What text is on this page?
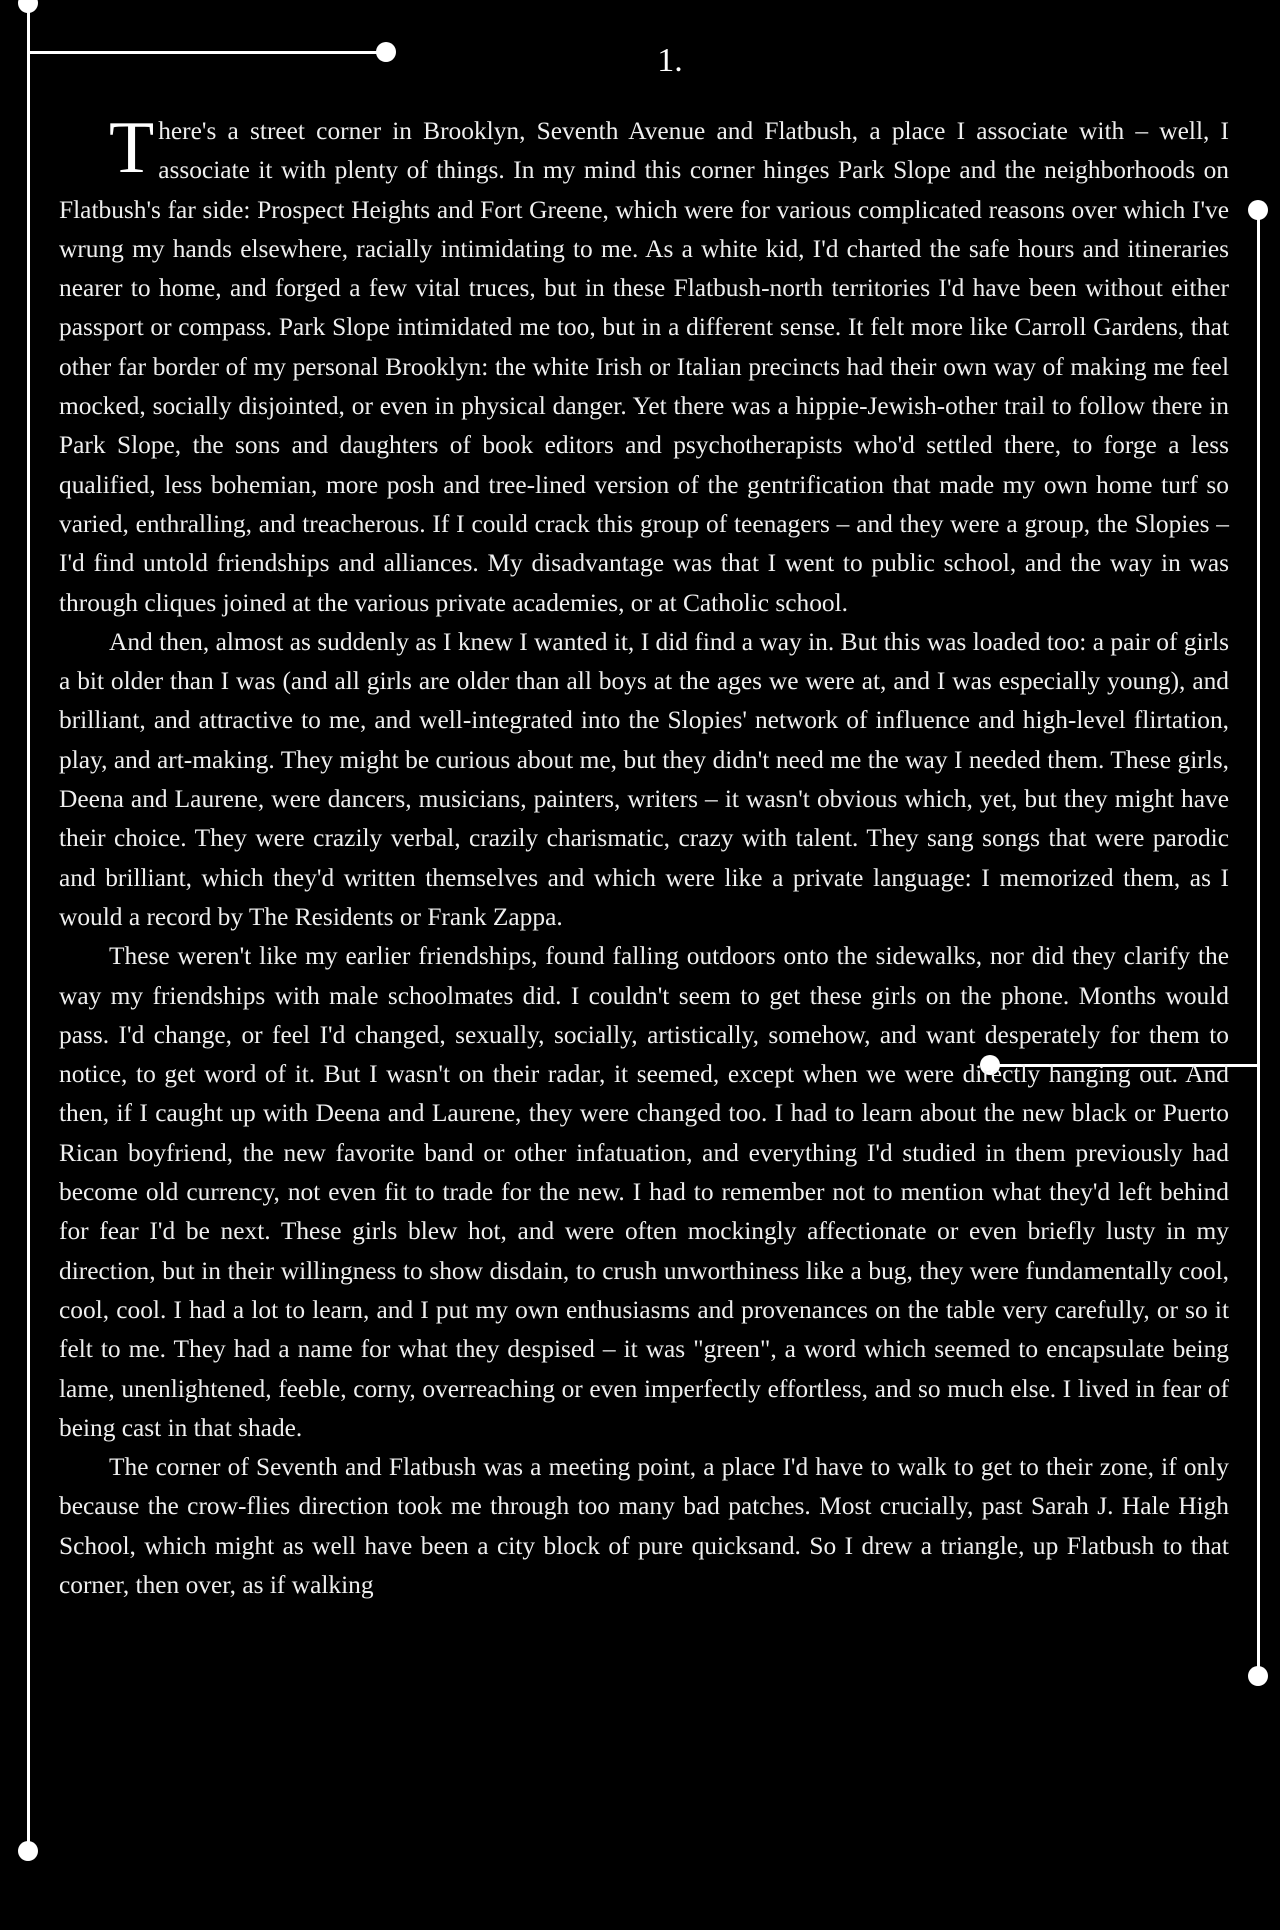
1.

There's a street corner in Brooklyn, Seventh Avenue and Flatbush, a place I associate with – well, I associate it with plenty of things. In my mind this corner hinges Park Slope and the neighborhoods on Flatbush's far side: Prospect Heights and Fort Greene, which were for various complicated reasons over which I've wrung my hands elsewhere, racially intimidating to me. As a white kid, I'd charted the safe hours and itineraries nearer to home, and forged a few vital truces, but in these Flatbush-north territories I'd have been without either passport or compass. Park Slope intimidated me too, but in a different sense. It felt more like Carroll Gardens, that other far border of my personal Brooklyn: the white Irish or Italian precincts had their own way of making me feel mocked, socially disjointed, or even in physical danger. Yet there was a hippie-Jewish-other trail to follow there in Park Slope, the sons and daughters of book editors and psychotherapists who'd settled there, to forge a less qualified, less bohemian, more posh and tree-lined version of the gentrification that made my own home turf so varied, enthralling, and treacherous. If I could crack this group of teenagers – and they were a group, the Slopies – I'd find untold friendships and alliances. My disadvantage was that I went to public school, and the way in was through cliques joined at the various private academies, or at Catholic school.

And then, almost as suddenly as I knew I wanted it, I did find a way in. But this was loaded too: a pair of girls a bit older than I was (and all girls are older than all boys at the ages we were at, and I was especially young), and brilliant, and attractive to me, and well-integrated into the Slopies' network of influence and high-level flirtation, play, and art-making. They might be curious about me, but they didn't need me the way I needed them. These girls, Deena and Laurene, were dancers, musicians, painters, writers – it wasn't obvious which, yet, but they might have their choice. They were crazily verbal, crazily charismatic, crazy with talent. They sang songs that were parodic and brilliant, which they'd written themselves and which were like a private language: I memorized them, as I would a record by The Residents or Frank Zappa.

These weren't like my earlier friendships, found falling outdoors onto the sidewalks, nor did they clarify the way my friendships with male schoolmates did. I couldn't seem to get these girls on the phone. Months would pass. I'd change, or feel I'd changed, sexually, socially, artistically, somehow, and want desperately for them to notice, to get word of it. But I wasn't on their radar, it seemed, except when we were directly hanging out. And then, if I caught up with Deena and Laurene, they were changed too. I had to learn about the new black or Puerto Rican boyfriend, the new favorite band or other infatuation, and everything I'd studied in them previously had become old currency, not even fit to trade for the new. I had to remember not to mention what they'd left behind for fear I'd be next. These girls blew hot, and were often mockingly affectionate or even briefly lusty in my direction, but in their willingness to show disdain, to crush unworthiness like a bug, they were fundamentally cool, cool, cool. I had a lot to learn, and I put my own enthusiasms and provenances on the table very carefully, or so it felt to me. They had a name for what they despised – it was "green", a word which seemed to encapsulate being lame, unenlightened, feeble, corny, overreaching or even imperfectly effortless, and so much else. I lived in fear of being cast in that shade.

The corner of Seventh and Flatbush was a meeting point, a place I'd have to walk to get to their zone, if only because the crow-flies direction took me through too many bad patches. Most crucially, past Sarah J. Hale High School, which might as well have been a city block of pure quicksand. So I drew a triangle, up Flatbush to that corner, then over, as if walking
